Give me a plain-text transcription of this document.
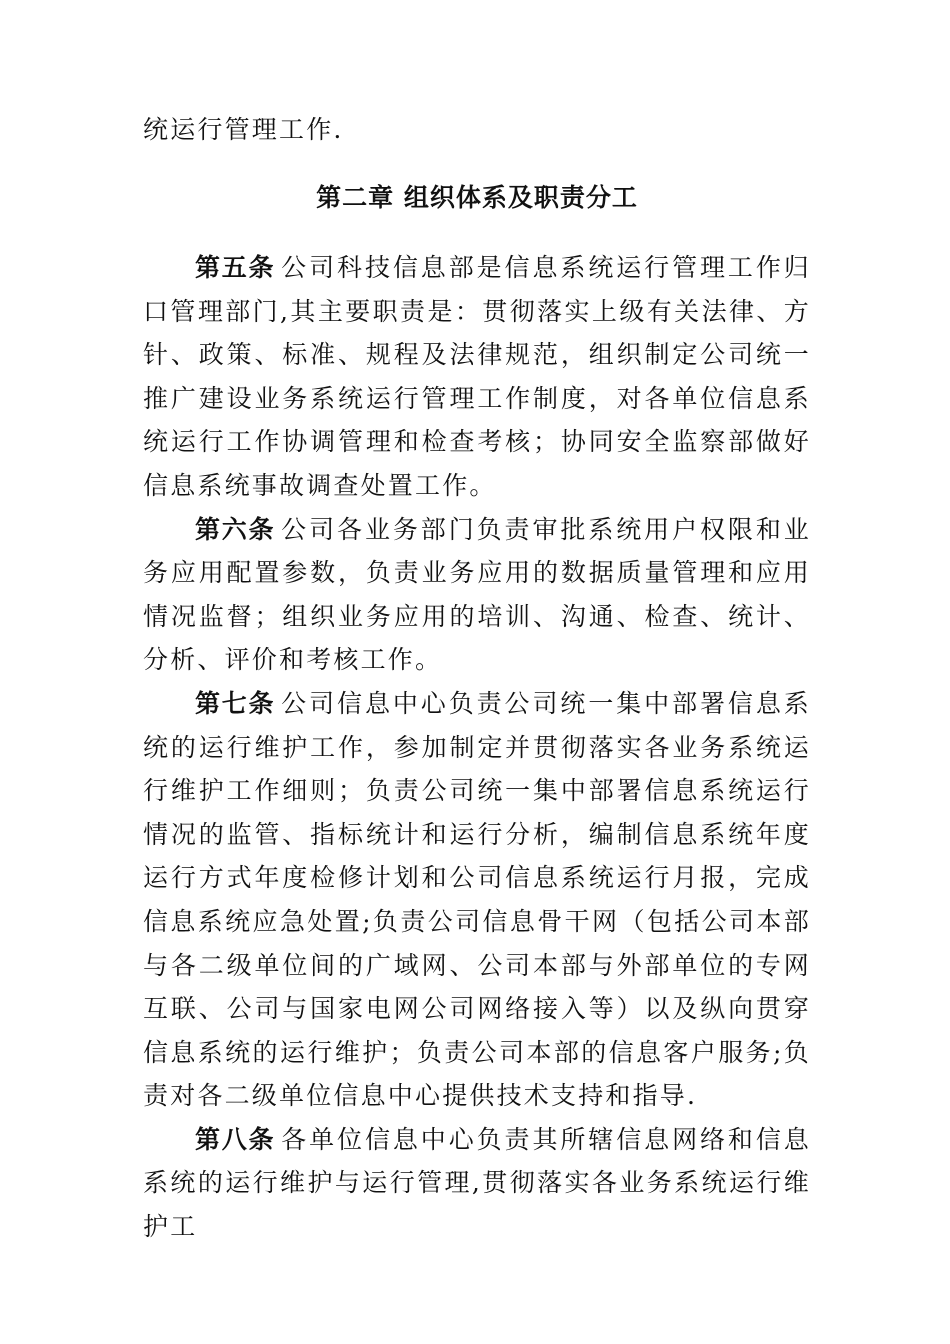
统运行管理工作.

第二章 组织体系及职责分工

第五条 公司科技信息部是信息系统运行管理工作归口管理部门,其主要职责是：贯彻落实上级有关法律、方针、政策、标准、规程及法律规范，组织制定公司统一推广建设业务系统运行管理工作制度，对各单位信息系统运行工作协调管理和检查考核；协同安全监察部做好信息系统事故调查处置工作。

第六条 公司各业务部门负责审批系统用户权限和业务应用配置参数，负责业务应用的数据质量管理和应用情况监督；组织业务应用的培训、沟通、检查、统计、分析、评价和考核工作。

第七条 公司信息中心负责公司统一集中部署信息系统的运行维护工作，参加制定并贯彻落实各业务系统运行维护工作细则；负责公司统一集中部署信息系统运行情况的监管、指标统计和运行分析，编制信息系统年度运行方式年度检修计划和公司信息系统运行月报，完成信息系统应急处置;负责公司信息骨干网（包括公司本部与各二级单位间的广域网、公司本部与外部单位的专网互联、公司与国家电网公司网络接入等）以及纵向贯穿信息系统的运行维护；负责公司本部的信息客户服务;负责对各二级单位信息中心提供技术支持和指导.

第八条 各单位信息中心负责其所辖信息网络和信息系统的运行维护与运行管理,贯彻落实各业务系统运行维护工
